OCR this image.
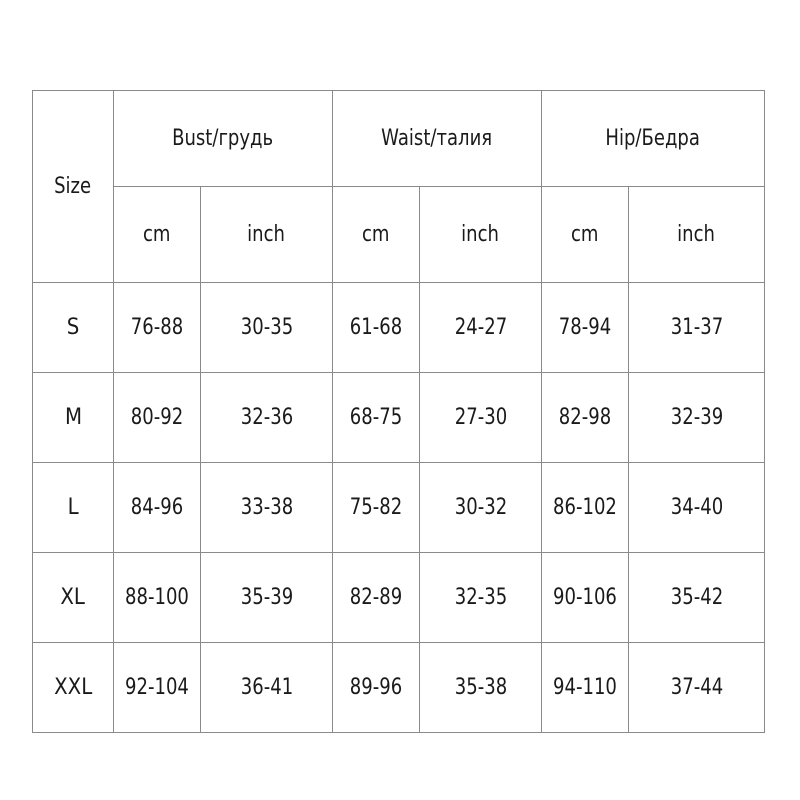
Size	Bust/грудь		Waist/талия		Hip/Бедра	
	cm	inch	cm	inch	cm	inch
S	76-88	30-35	61-68	24-27	78-94	31-37
M	80-92	32-36	68-75	27-30	82-98	32-39
L	84-96	33-38	75-82	30-32	86-102	34-40
XL	88-100	35-39	82-89	32-35	90-106	35-42
XXL	92-104	36-41	89-96	35-38	94-110	37-44
